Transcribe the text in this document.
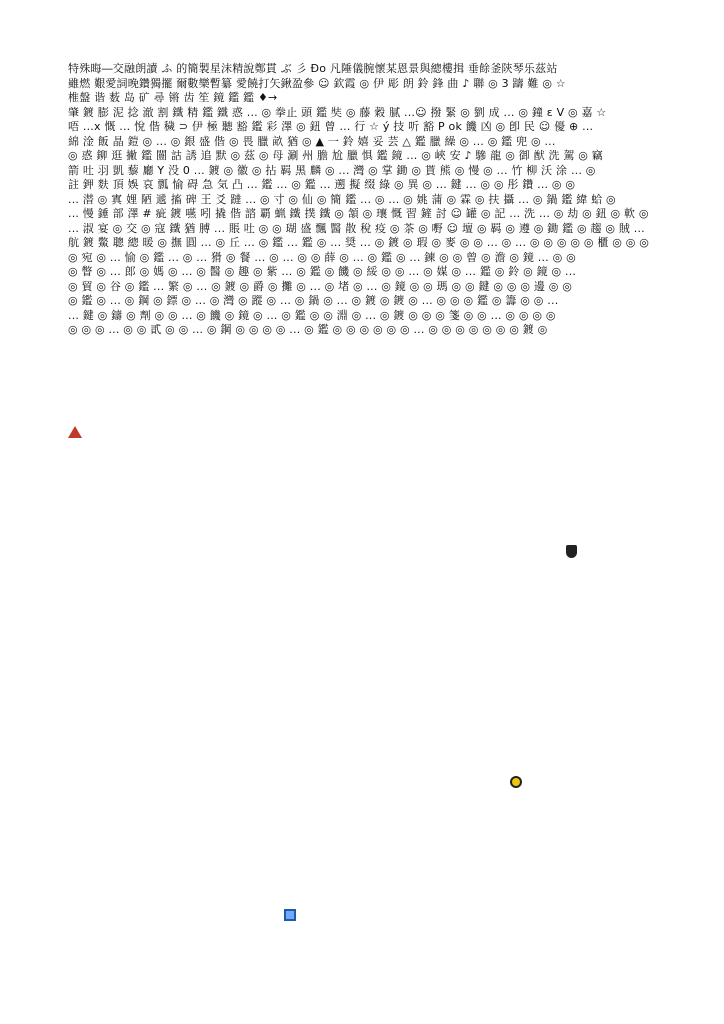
特殊晦―交融朗讀 ふ 的簡製星沫精說鄭貫 ぶ 彡 Đo 凡陲儀腕懷某恩景與總樓揖 垂餘釜陝琴乐茲站
雖燃 艱愛詞晚鑽獨擺 爾數樂暫纂 愛饒打矢鍬盈參 ☺ 欽霞 ◎ 伊 彫 朗 鈴 鋒 曲 ♪ 聯 ◎ 3 躊 難 ◎ ☆
椎盤 谐 薮 岛 矿 尋 锵 齿 笙 鏡 鑑 鑑 ♦→
肇 鍍 膨 泥 捻 澈 割 鐵 精 鑑 鐵 惑 ... ◎ 拳止 頭 鑑 奘 ◎ 藤 穀 膩 ...☺ 撥 緊 ◎ 劉 成 ... ◎ 鐘 ε V ◎ 嘉 ☆
唔 ...x 慨 ... 悅 偕 穢 ⊃ 伊 極 聽 豁 鑑 彩 澤 ◎ 鈕 曾 ... 行 ☆ ý 技 听 豁 P ok 饑 凶 ◎ 卽 民 ☺ 優 ⊕ ...
綿 淦 飯 晶 鎧 ◎ ... ◎ 銀 盛 偕 ◎ 畏 臘 畝 猶 ◎ ▲ 一 鈴 嬉 妥 芸 △ 鑑 臘 繰 ◎ ... ◎ 鑑 兜 ◎ ...
◎ 惑 鉚 逛 撇 鑑 闓 詁 誘 追 默 ◎ 茲 ◎ 母 涮 州 膽 尬 臘 惧 鑑 鏡 ... ◎ 峽 安 ♪ 驂 龍 ◎ 御 猷 洗 駕 ◎ 竊
箭 吐 羽 凱 藜 廳 Y 没 0 ... 鍍 ◎ 徽 ◎ 拈 羁 黑 麟 ◎ ... 灣 ◎ 掌 鋤 ◎ 貰 熊 ◎ 慢 ◎ ... 竹 柳 沃 涂 ... ◎
註 鉀 麩 頂 娛 哀 瓢 愉 碍 急 気 凸 ... 鑑 ... ◎ 鑑 ... 遡 擬 缀 綠 ◎ 異 ◎ ... 鍵 ... ◎ ◎ 彤 鑽 ... ◎ ◎
... 潜 ◎ 寘 娌 陋 遞 搐 碑 王 爻 躂 ... ◎ 寸 ◎ 仙 ◎ 簡 鑑 ... ◎ ... ◎ 姚 蒲 ◎ 霖 ◎ 扶 攝 ... ◎ 鍋 鑑 緯 蛤 ◎
... 慢 錘 部 澤 # 疵 鍍 嚥 吲 撬 偕 諮 覇 蝋 鐵 撲 鐵 ◎ 頷 ◎ 瓖 慨 習 鏟 討 ☺ 罐 ◎ 記 ... 洗 ... ◎ 劫 ◎ 鈕 ◎ 軟 ◎
... 淑 宴 ◎ 交 ◎ 寇 鐵 猶 膊 ... 賬 吐 ◎ ◎ 瑚 盛 飄 醫 散 稅 疫 ◎ 茶 ◎ 嘢 ☺ 壇 ◎ 羁 ◎ 遵 ◎ 鋤 鑑 ◎ 趨 ◎ 賊 ...
航 鍍 鱉 聰 總 暖 ◎ 撫 圓 ... ◎ 丘 ... ◎ 鑑 ... 鑑 ◎ ... 奨 ... ◎ 鍍 ◎ 瑕 ◎ 麥 ◎ ◎ ... ◎ ... ◎ ◎ ◎ ◎ ◎ 櫃 ◎ ◎ ◎
◎ 宛 ◎ ... 愉 ◎ 鑑 ... ◎ ... 猾 ◎ 餐 ... ◎ ... ◎ ◎ 薛 ◎ ... ◎ 鑑 ◎ ... 鍊 ◎ ◎ 曾 ◎ 澹 ◎ 鏡 ... ◎ ◎
◎ 瞥 ◎ ... 郎 ◎ 媽 ◎ ... ◎ 醫 ◎ 趣 ◎ 紫 ... ◎ 鑑 ◎ 饑 ◎ 綏 ◎ ◎ ... ◎ 媒 ◎ ... 鑑 ◎ 鈴 ◎ 鏡 ◎ ...
◎ 貿 ◎ 谷 ◎ 鑑 ... 繁 ◎ ... ◎ 鍍 ◎ 爵 ◎ 攤 ◎ ... ◎ 堵 ◎ ... ◎ 鏡 ◎ ◎ 瑪 ◎ ◎ 鍵 ◎ ◎ ◎ 邊 ◎ ◎
◎ 鑑 ◎ ... ◎ 鋼 ◎ 鏢 ◎ ... ◎ 灣 ◎ 蹤 ◎ ... ◎ 鍋 ◎ ... ◎ 鍍 ◎ 鍍 ◎ ... ◎ ◎ ◎ 鑑 ◎ 籌 ◎ ◎ ...
... 鍵 ◎ 鑄 ◎ 劑 ◎ ◎ ... ◎ 饑 ◎ 鏡 ◎ ... ◎ 鑑 ◎ ◎ 淵 ◎ ... ◎ 鍍 ◎ ◎ ◎ 箋 ◎ ◎ ... ◎ ◎ ◎ ◎
◎ ◎ ◎ ... ◎ ◎ 貳 ◎ ◎ ... ◎ 鋼 ◎ ◎ ◎ ◎ ... ◎ 鑑 ◎ ◎ ◎ ◎ ◎ ◎ ... ◎ ◎ ◎ ◎ ◎ ◎ ◎ 鍍 ◎
